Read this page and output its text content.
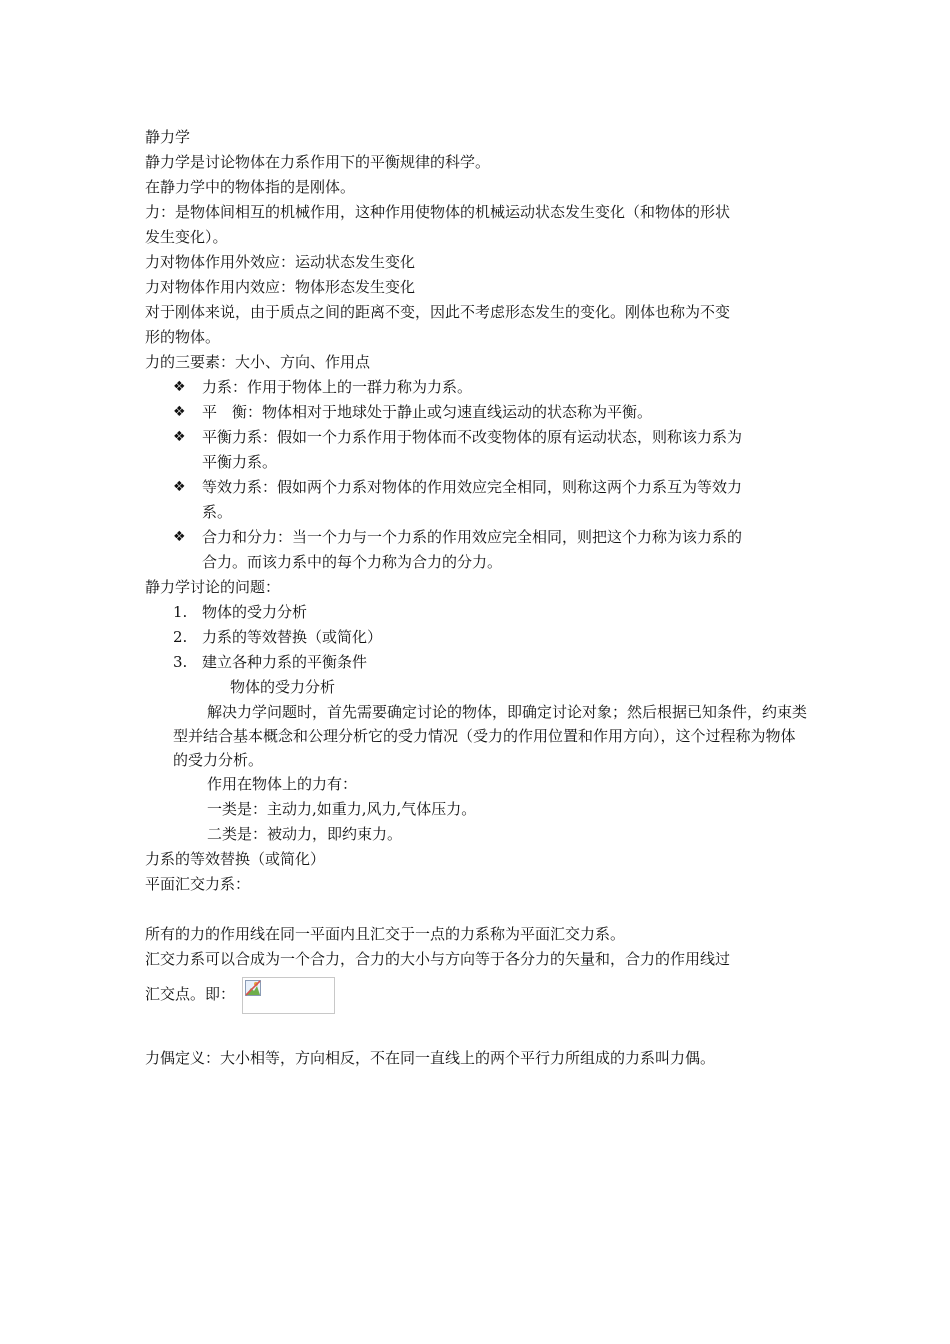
静力学
静力学是讨论物体在力系作用下的平衡规律的科学。
在静力学中的物体指的是刚体。
力：是物体间相互的机械作用，这种作用使物体的机械运动状态发生变化（和物体的形状
发生变化）。
力对物体作用外效应：运动状态发生变化
力对物体作用内效应：物体形态发生变化
对于刚体来说，由于质点之间的距离不变，因此不考虑形态发生的变化。刚体也称为不变
形的物体。
力的三要素：大小、方向、作用点
❖ 力系：作用于物体上的一群力称为力系。
❖ 平　衡：物体相对于地球处于静止或匀速直线运动的状态称为平衡。
❖ 平衡力系：假如一个力系作用于物体而不改变物体的原有运动状态，则称该力系为
平衡力系。
❖ 等效力系：假如两个力系对物体的作用效应完全相同，则称这两个力系互为等效力
系。
❖ 合力和分力：当一个力与一个力系的作用效应完全相同，则把这个力称为该力系的
合力。而该力系中的每个力称为合力的分力。
静力学讨论的问题：
1. 物体的受力分析
2. 力系的等效替换（或简化）
3. 建立各种力系的平衡条件
物体的受力分析
解决力学问题时，首先需要确定讨论的物体，即确定讨论对象；然后根据已知条件，约束类型并结合基本概念和公理分析它的受力情况（受力的作用位置和作用方向），这个过程称为物体的受力分析。
作用在物体上的力有：
一类是：主动力,如重力,风力,气体压力。
二类是：被动力，即约束力。
力系的等效替换（或简化）
平面汇交力系：
所有的力的作用线在同一平面内且汇交于一点的力系称为平面汇交力系。
汇交力系可以合成为一个合力，合力的大小与方向等于各分力的矢量和，合力的作用线过
汇交点。即：
力偶定义：大小相等，方向相反，不在同一直线上的两个平行力所组成的力系叫力偶。
